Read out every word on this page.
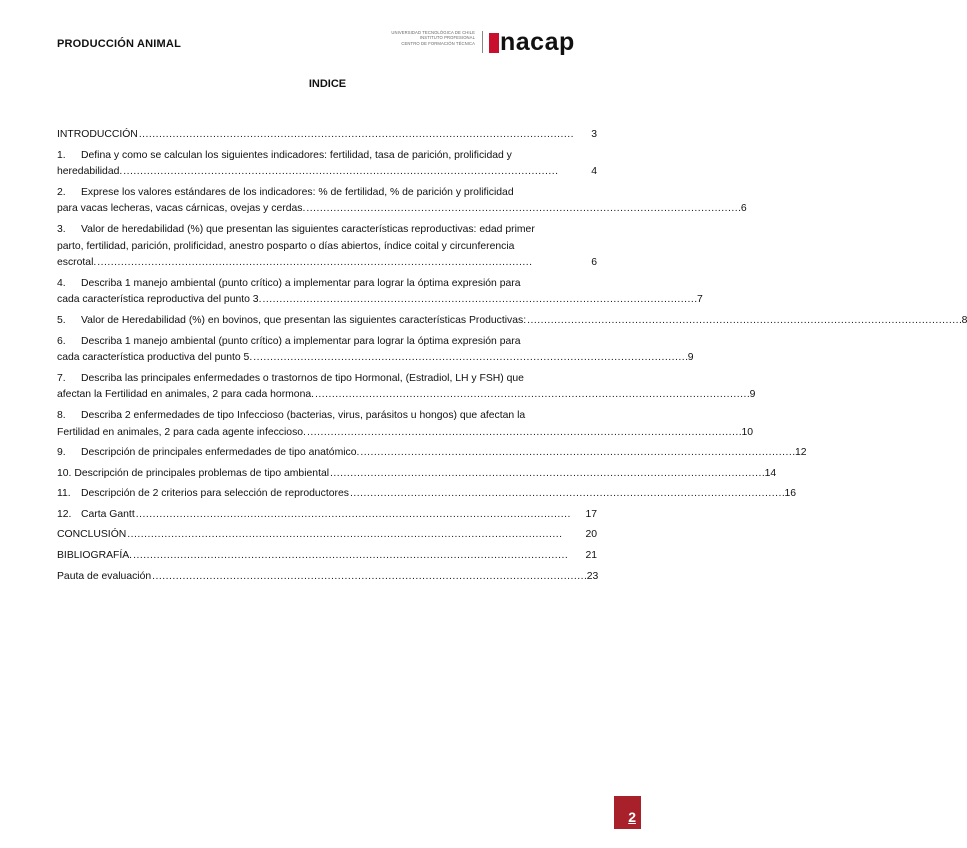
PRODUCCIÓN ANIMAL
UNIVERSIDAD TECNOLÓGICA DE CHILE
INSTITUTO PROFESIONAL
CENTRO DE FORMACIÓN TÉCNICA nacap
INDICE
INTRODUCCIÓN . . .	3
1. Defina y como se calculan los siguientes indicadores: fertilidad, tasa de parición, prolificidad y
heredabilidad. . . .	4
2. Exprese los valores estándares de los indicadores: % de fertilidad, % de parición y prolificidad
para vacas lecheras, vacas cárnicas, ovejas y cerdas. . . .	6
3. Valor de heredabilidad (%) que presentan las siguientes características reproductivas: edad primer
parto, fertilidad, parición, prolificidad, anestro posparto o días abiertos, índice coital y circunferencia
escrotal. . . .	6
4. Describa 1 manejo ambiental (punto crítico) a implementar para lograr la óptima expresión para
cada característica reproductiva del punto 3. . . .	7
5. Valor de Heredabilidad (%) en bovinos, que presentan las siguientes características Productivas: . . .	8
6. Describa 1 manejo ambiental (punto crítico) a implementar para lograr la óptima expresión para
cada característica productiva del punto 5. . . .	9
7. Describa las principales enfermedades o trastornos de tipo Hormonal, (Estradiol, LH y FSH) que
afectan la Fertilidad en animales, 2 para cada hormona. . . .	9
8. Describa 2 enfermedades de tipo Infeccioso (bacterias, virus, parásitos u hongos) que afectan la
Fertilidad en animales, 2 para cada agente infeccioso. . . .	10
9. Descripción de principales enfermedades de tipo anatómico. . . .	12
10. Descripción de principales problemas de tipo ambiental . . .	14
11. Descripción de 2 criterios para selección de reproductores . . .	16
12. Carta Gantt . . .	17
CONCLUSIÓN . . .	20
BIBLIOGRAFÍA. . . .	21
Pauta de evaluación . . .	23
2
